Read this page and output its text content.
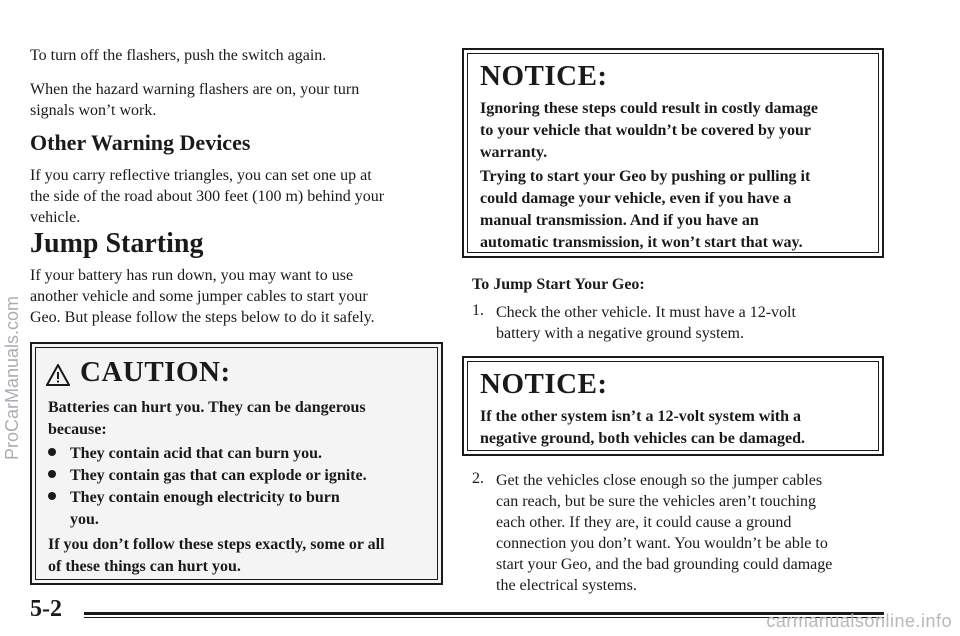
To turn off the flashers, push the switch again.

When the hazard warning flashers are on, your turn

signals won’t work.

Other Warning Devices

If you carry reflective triangles, you can set one up at

the side of the road about 300 feet (100 m) behind your

vehicle.

Jump Starting

If your battery has run down, you may want to use

another vehicle and some jumper cables to start your

Geo. But please follow the steps below to do it safely.

CAUTION:
Batteries can hurt you. They can be dangerous
because:
They contain acid that can burn you.
They contain gas that can explode or ignite.
They contain enough electricity to burn
you.
If you don’t follow these steps exactly, some or all
of these things can hurt you.
NOTICE:
Ignoring these steps could result in costly damage
to your vehicle that wouldn’t be covered by your
warranty.
Trying to start your Geo by pushing or pulling it
could damage your vehicle, even if you have a
manual transmission. And if you have an
automatic transmission, it won’t start that way.
To Jump Start Your Geo:
1. Check the other vehicle. It must have a 12-volt
battery with a negative ground system.
NOTICE:
If the other system isn’t a 12-volt system with a
negative ground, both vehicles can be damaged.
2. Get the vehicles close enough so the jumper cables
can reach, but be sure the vehicles aren’t touching
each other. If they are, it could cause a ground
connection you don’t want. You wouldn’t be able to
start your Geo, and the bad grounding could damage
the electrical systems.
5-2
ProCarManuals.com
carmanualsonline.info
